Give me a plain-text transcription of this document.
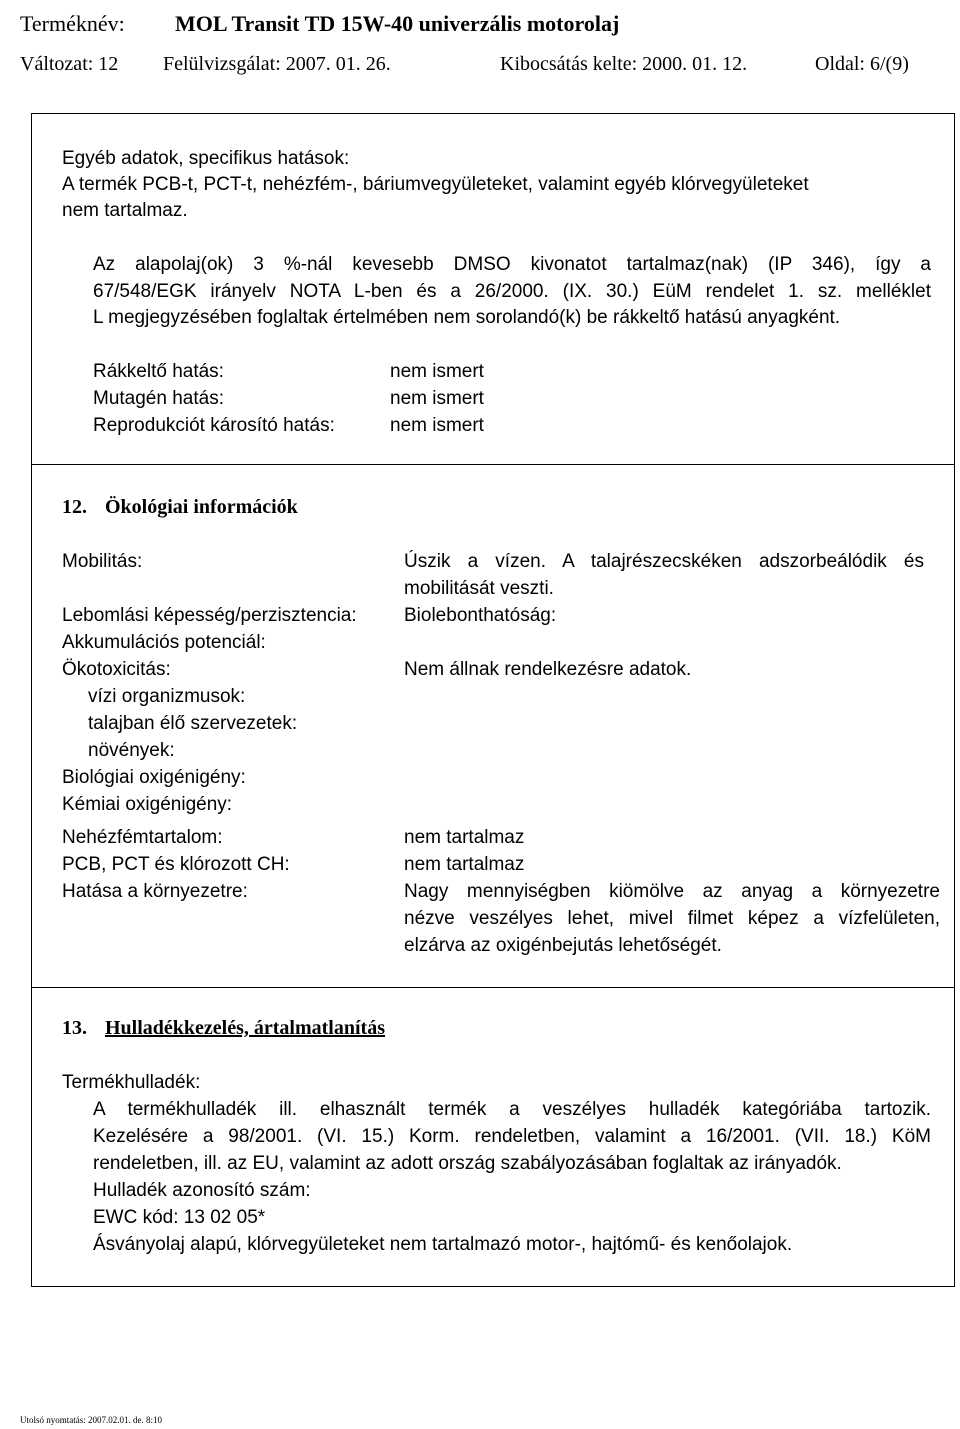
Terméknév: MOL Transit TD 15W-40 univerzális motorolaj
Változat: 12 Felülvizsgálat: 2007. 01. 26.	Kibocsátás kelte: 2000. 01. 12.	Oldal: 6/(9)
Egyéb adatok, specifikus hatások:
A termék PCB-t, PCT-t, nehézfém-, báriumvegyületeket, valamint egyéb klórvegyületeket
nem tartalmaz.
Az alapolaj(ok) 3 %-nál kevesebb DMSO kivonatot tartalmaz(nak) (IP 346), így a
67/548/EGK irányelv NOTA L-ben és a 26/2000. (IX. 30.) EüM rendelet 1. sz. melléklet
L megjegyzésében foglaltak értelmében nem sorolandó(k) be rákkeltő hatású anyagként.
Rákkeltő hatás:	nem ismert
Mutagén hatás:	nem ismert
Reprodukciót károsító hatás:	nem ismert
12. Ökológiai információk
Mobilitás:	Úszik a vízen. A talajrészecskéken adszorbeálódik és
mobilitását veszti.
Lebomlási képesség/perzisztencia: Biolebonthatóság:
Akkumulációs potenciál:
Ökotoxicitás:	Nem állnak rendelkezésre adatok.
vízi organizmusok:
talajban élő szervezetek:
növények:
Biológiai oxigénigény:
Kémiai oxigénigény:
Nehézfémtartalom:	nem tartalmaz
PCB, PCT és klórozott CH:	nem tartalmaz
Hatása a környezetre:	Nagy mennyiségben kiömölve az anyag a környezetre
nézve veszélyes lehet, mivel filmet képez a vízfelületen,
elzárva az oxigénbejutás lehetőségét.
13. Hulladékkezelés, ártalmatlanítás
Termékhulladék:
A termékhulladék ill. elhasznált termék a veszélyes hulladék kategóriába tartozik.
Kezelésére a 98/2001. (VI. 15.) Korm. rendeletben, valamint a 16/2001. (VII. 18.) KöM
rendeletben, ill. az EU, valamint az adott ország szabályozásában foglaltak az irányadók.
Hulladék azonosító szám:
EWC kód: 13 02 05*
Ásványolaj alapú, klórvegyületeket nem tartalmazó motor-, hajtómű- és kenőolajok.
Utolsó nyomtatás: 2007.02.01. de. 8:10
